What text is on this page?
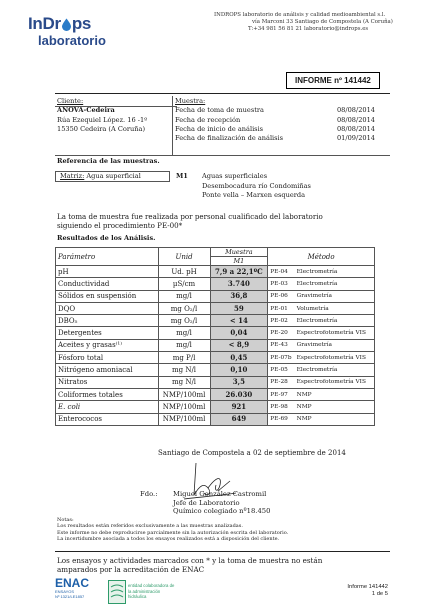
InDr ps
laboratorio
INDROPS laboratorio de análisis y calidad medioambiental s.l.
vía Marconi 33 Santiago de Compostela (A Coruña)
T:+34 981 56 81 21 laboratorio@indrops.es
INFORME nº 141442
Cliente:
ANOVA-Cedeira
Rúa Ezequiel López. 16 -1º
15350 Cedeira (A Coruña)
Muestra:
Fecha de toma de muestra	08/08/2014
Fecha de recepción	08/08/2014
Fecha de inicio de análisis	08/08/2014
Fecha de finalización de análisis	01/09/2014
Referencia de las muestras.
Matriz: Agua superficial	M1 Aguas superficiales
Desembocadura río Condomiñas
Ponte vella – Marxen esquerda
La toma de muestra fue realizada por personal cualificado del laboratorio
siguiendo el procedimiento PE-00*
Resultados de los Análisis.
Parámetro	Unid	Muestra	Método	
		M1		
pH	Ud. pH	7,9 a 22,1ºC	PE-04	Electrometría
Conductividad	µS/cm	3.740	PE-03	Electrometría
Sólidos en suspensión	mg/l	36,8	PE-06	Gravimetría
DQO	mg O₂/l	59	PE-01	Volumetría
DBO₅	mg O₂/l	< 14	PE-02	Electrometría
Detergentes	mg/l	0,04	PE-20	Espectrofotometría VIS
Aceites y grasas⁽¹⁾	mg/l	< 8,9	PE-43	Gravimetría
Fósforo total	mg P/l	0,45	PE-07b	Espectrofotometría VIS
Nitrógeno amoniacal	mg N/l	0,10	PE-05	Electrometría
Nitratos	mg N/l	3,5	PE-28	Espectrofotometría VIS
Coliformes totales	NMP/100ml	26.030	PE-97	NMP
E. coli	NMP/100ml	921	PE-98	NMP
Enterococos	NMP/100ml	649	PE-69	NMP
Santiago de Compostela a 02 de septiembre de 2014
Fdo.: Miguel González Castromil
Jefe de Laboratorio
Químico colegiado nº18.450
Notas:
Los resultados están referidos exclusivamente a las muestras analizadas.
Este informe no debe reproducirse parcialmente sin la autorización escrita del laboratorio.
La incertidumbre asociada a todos los ensayos realizados está a disposición del cliente.
Los ensayos y actividades marcados con * y la toma de muestra no están
amparados por la acreditación de ENAC
ENAC
ENSAYOS
Nº 1321/LE1857
entidad colaboradora de la administración hidráulica
Informe 141442
1 de 5
